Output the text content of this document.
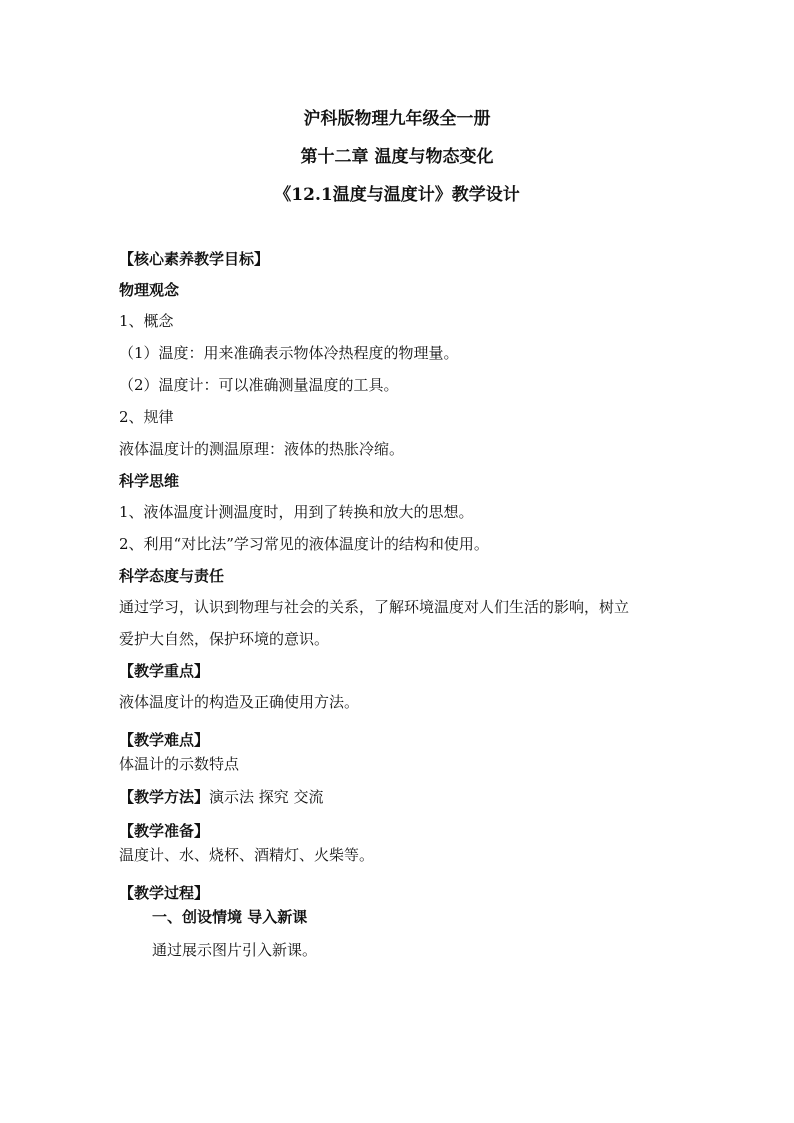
沪科版物理九年级全一册
第十二章 温度与物态变化
《12.1温度与温度计》教学设计
【核心素养教学目标】
物理观念
1、概念
（1）温度：用来准确表示物体冷热程度的物理量。
（2）温度计：可以准确测量温度的工具。
2、规律
液体温度计的测温原理：液体的热胀冷缩。
科学思维
1、液体温度计测温度时，用到了转换和放大的思想。
2、利用“对比法”学习常见的液体温度计的结构和使用。
科学态度与责任
通过学习，认识到物理与社会的关系，了解环境温度对人们生活的影响，树立
爱护大自然，保护环境的意识。
【教学重点】
液体温度计的构造及正确使用方法。
【教学难点】
体温计的示数特点
【教学方法】演示法 探究 交流
【教学准备】
温度计、水、烧杯、酒精灯、火柴等。
【教学过程】
一、创设情境 导入新课
通过展示图片引入新课。
